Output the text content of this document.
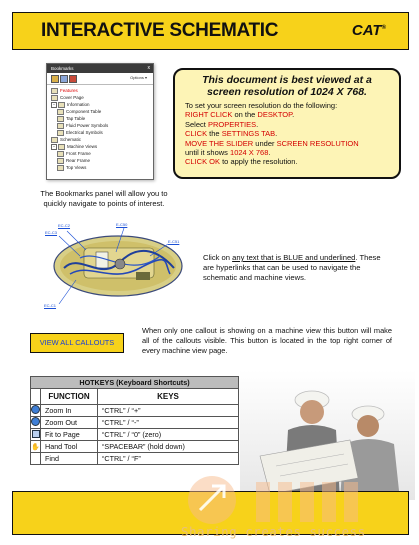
INTERACTIVE SCHEMATIC	CAT®
Bookmarks	x
Options ▾
Features
Cover Page
−	Information
Component Table
Tap Table
Fluid Power Symbols
Electrical Symbols
Schematic
−	Machine Views
Front Frame
Rear Frame
Top Views
This document is best viewed at a
screen resolution of 1024 X 768.
To set your screen resolution do the following:
RIGHT CLICK on the DESKTOP.
Select PROPERTIES.
CLICK the SETTINGS TAB.
MOVE THE SLIDER under SCREEN RESOLUTION
until it shows 1024 X 768.
CLICK OK to apply the resolution.
The Bookmarks panel will allow you to
quickly navigate to points of interest.
EC-C2
EC-C3
E-C50
E-C51
EC-C1
Click on any text that is BLUE and underlined. These are hyperlinks that can be used to navigate the schematic and machine views.
VIEW ALL CALLOUTS
When only one callout is showing on a machine view this button will make all of the callouts visible. This button is located in the top right corner of every machine view page.
HOTKEYS (Keyboard Shortcuts)		
	FUNCTION	KEYS
	Zoom In	“CTRL” / “+”
	Zoom Out	“CTRL” / “-”
	Fit to Page	“CTRL” / “0” (zero)
✋	Hand Tool	“SPACEBAR” (hold down)
	Find	“CTRL” / “F”
Sharing creates success
